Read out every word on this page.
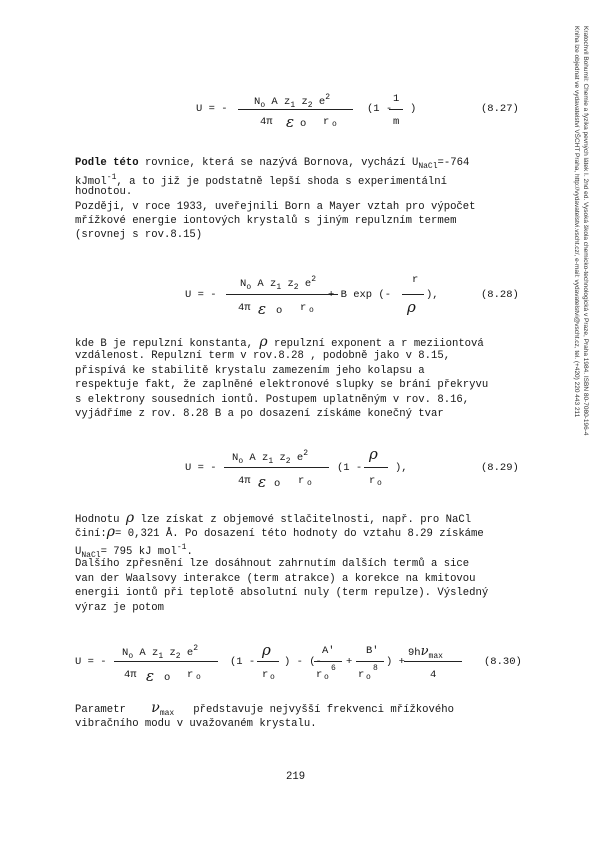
Kratochvil Bohumil: Chemie a fyzika pevných látek I. 2nd ed. Vysoká škola chemicko-technologická v Praze, Praha 1984. ISBN 80-7080-196-4
Kniha lze objednat ve vydavatelství VŠCHT Praha, http://vydavatelstvi.vscht.cz/, e-mail: vydavatelstvi@vscht.cz, tel. (+420) 220 443 211
U = -
$N_o$ A $z_1$ $z_2$ $e^2$
4π ε o r o
(1 -
1
m
)	(8.27)
Podle této rovnice, která se nazývá Bornova, vychází $U_{NaCl}=-764$
kJmol$^{-1}$, a to již je podstatně lepší shoda s experimentální
hodnotou.
Později, v roce 1933, uveřejnili Born a Mayer vztah pro výpočet
mřížkové energie iontových krystalů s jiným repulzním termem
(srovnej s rov.8.15)
U = -
$N_o$ A $z_1$ $z_2$ $e^2$
4π ε o r o
+ B exp (-
r
ρ
),	(8.28)
kde B je repulzní konstanta, ρ repulzní exponent a r meziiontová
vzdálenost. Repulzní term v rov.8.28 , podobně jako v 8.15,
přispívá ke stabilitě krystalu zamezením jeho kolapsu a
respektuje fakt, že zaplněné elektronové slupky se brání překryvu
s elektrony sousedních iontů. Postupem uplatněným v rov. 8.16,
vyjádříme z rov. 8.28 B a po dosazení získáme konečný tvar
U = -
$N_o$ A $z_1$ $z_2$ $e^2$
4π ε o r o
(1 -
ρ
r o
),	(8.29)
Hodnotu ρ lze získat z objemové stlačitelnosti, např. pro NaCl
činí:ρ= 0,321 Å. Po dosazení této hodnoty do vztahu 8.29 získáme
$U_{NaCl}= 795$ kJ mol$^{-1}$.
Dalšího zpřesnění lze dosáhnout zahrnutím dalších termů a sice
van der Waalsovy interakce (term atrakce) a korekce na kmitovou
energii iontů při teplotě absolutní nuly (term repulze). Výsledný
výraz je potom
U = -
$N_o$ A $z_1$ $z_2$ $e^2$
4π ε o r o
(1 -
ρ
r o
) - (-
A'
r o
6
+
B'
r o
8
) +
$9h\nu_{max}$
4
(8.30)
Parametr $\nu_{max}$ představuje nejvyšší frekvenci mřížkového
vibračního modu v uvažovaném krystalu.
219
